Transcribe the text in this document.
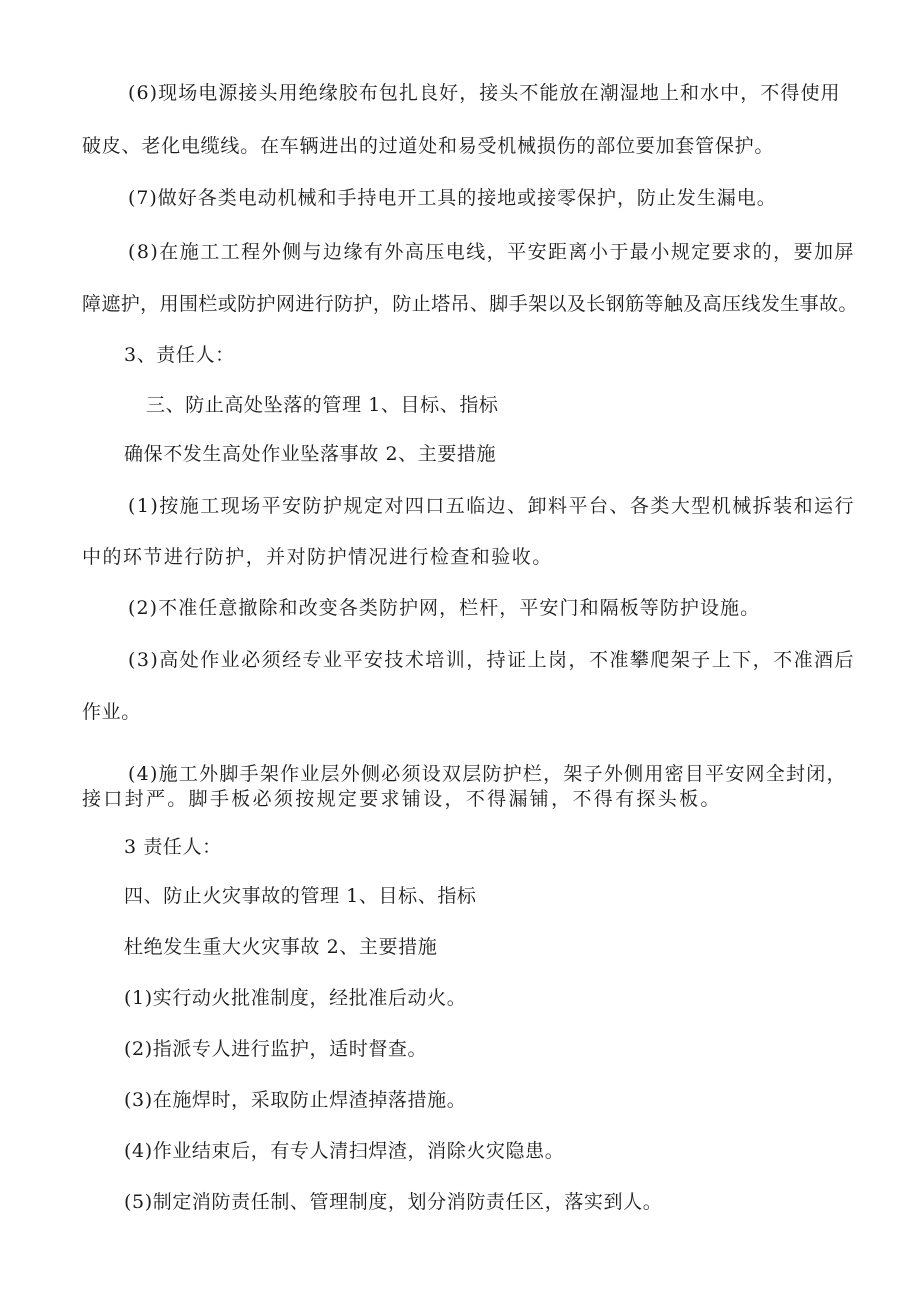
(6)现场电源接头用绝缘胶布包扎良好，接头不能放在潮湿地上和水中，不得使用
破皮、老化电缆线。在车辆进出的过道处和易受机械损伤的部位要加套管保护。
(7)做好各类电动机械和手持电开工具的接地或接零保护，防止发生漏电。
(8)在施工工程外侧与边缘有外高压电线，平安距离小于最小规定要求的，要加屏
障遮护，用围栏或防护网进行防护，防止塔吊、脚手架以及长钢筋等触及高压线发生事故。
3、责任人：
三、防止高处坠落的管理 1、目标、指标
确保不发生高处作业坠落事故 2、主要措施
(1)按施工现场平安防护规定对四口五临边、卸料平台、各类大型机械拆装和运行
中的环节进行防护，并对防护情况进行检查和验收。
(2)不准任意撤除和改变各类防护网，栏杆，平安门和隔板等防护设施。
(3)高处作业必须经专业平安技术培训，持证上岗，不准攀爬架子上下，不准酒后
作业。
(4)施工外脚手架作业层外侧必须设双层防护栏，架子外侧用密目平安网全封闭，
接口封严。脚手板必须按规定要求铺设，不得漏铺，不得有探头板。
3 责任人：
四、防止火灾事故的管理 1、目标、指标
杜绝发生重大火灾事故 2、主要措施
(1)实行动火批准制度，经批准后动火。
(2)指派专人进行监护，适时督查。
(3)在施焊时，采取防止焊渣掉落措施。
(4)作业结束后，有专人清扫焊渣，消除火灾隐患。
(5)制定消防责任制、管理制度，划分消防责任区，落实到人。
